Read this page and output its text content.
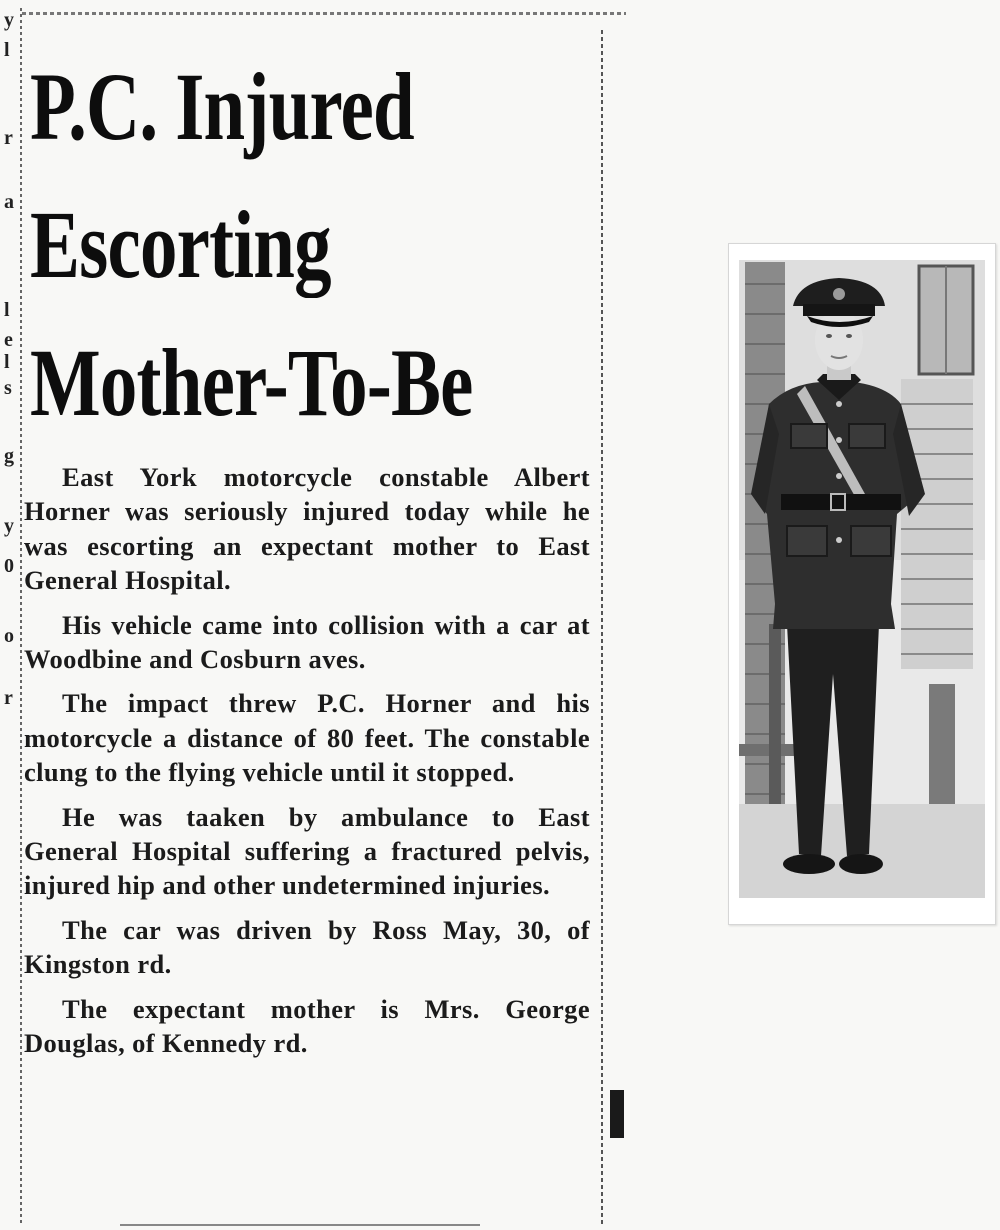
y
l
r
a
l
e
l
s
g
y
0
o
r
P.C. Injured
Escorting
Mother-To-Be

East York motorcycle constable Albert Horner was seriously injured today while he was escorting an expectant mother to East General Hospital.

His vehicle came into collision with a car at Woodbine and Cosburn aves.

The impact threw P.C. Horner and his motorcycle a distance of 80 feet. The constable clung to the flying vehicle until it stopped.

He was taaken by ambulance to East General Hospital suffering a fractured pelvis, injured hip and other undetermined injuries.

The car was driven by Ross May, 30, of Kingston rd.

The expectant mother is Mrs. George Douglas, of Kennedy rd.
